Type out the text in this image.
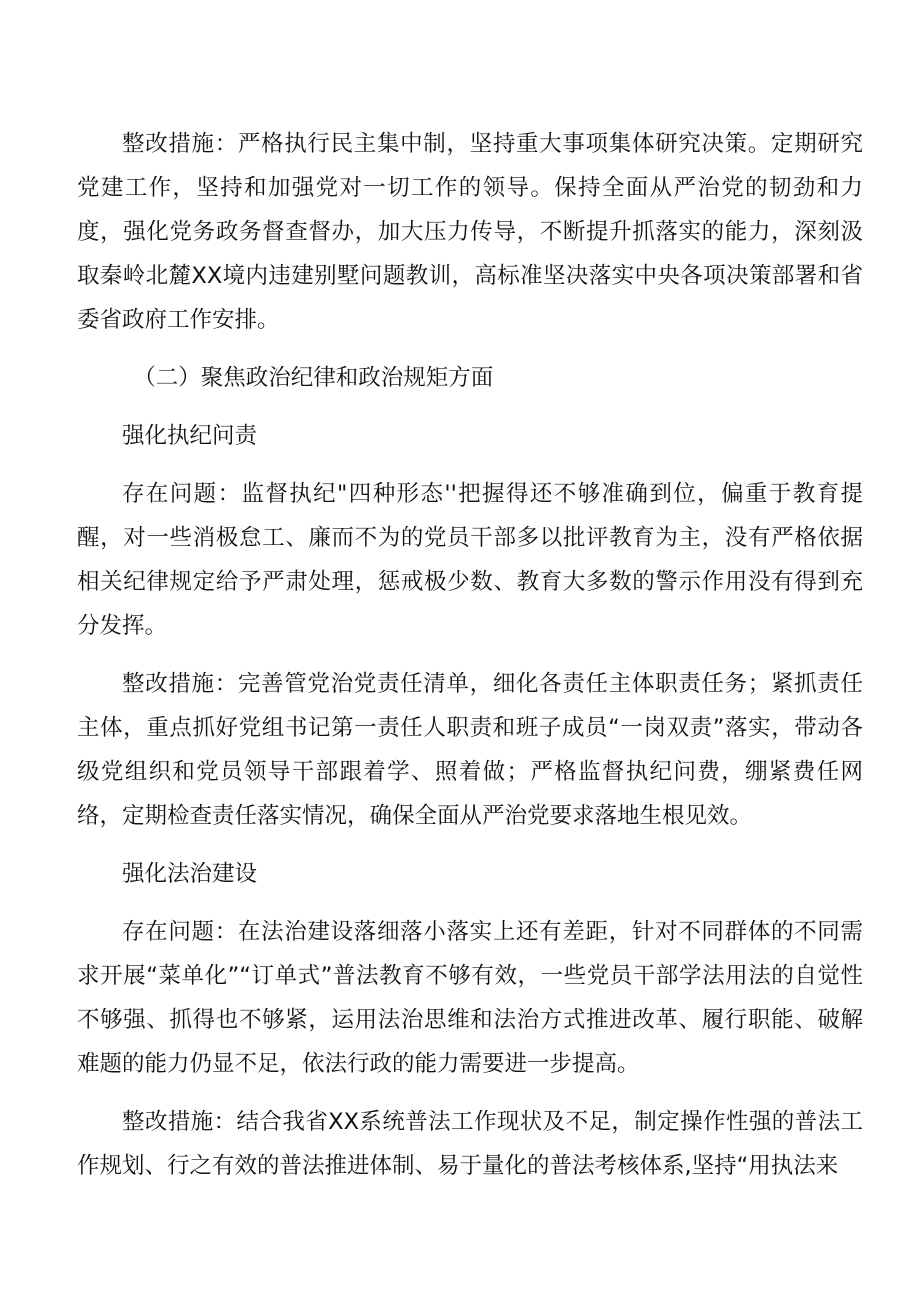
整改措施：严格执行民主集中制，坚持重大事项集体研究决策。定期研究党建工作，坚持和加强党对一切工作的领导。保持全面从严治党的韧劲和力度，强化党务政务督查督办，加大压力传导，不断提升抓落实的能力，深刻汲取秦岭北麓XX境内违建别墅问题教训，高标准坚决落实中央各项决策部署和省委省政府工作安排。

（二）聚焦政治纪律和政治规矩方面

强化执纪问责

存在问题：监督执纪"四种形态''把握得还不够准确到位，偏重于教育提醒，对一些消极怠工、廉而不为的党员干部多以批评教育为主，没有严格依据相关纪律规定给予严肃处理，惩戒极少数、教育大多数的警示作用没有得到充分发挥。

整改措施：完善管党治党责任清单，细化各责任主体职责任务；紧抓责任主体，重点抓好党组书记第一责任人职责和班子成员“一岗双责”落实，带动各级党组织和党员领导干部跟着学、照着做；严格监督执纪问费，绷紧费任网络，定期检查责任落实情况，确保全面从严治党要求落地生根见效。

强化法治建设

存在问题：在法治建设落细落小落实上还有差距，针对不同群体的不同需求开展“菜单化”“订单式”普法教育不够有效，一些党员干部学法用法的自觉性不够强、抓得也不够紧，运用法治思维和法治方式推进改革、履行职能、破解难题的能力仍显不足，依法行政的能力需要进一步提高。

整改措施：结合我省XX系统普法工作现状及不足，制定操作性强的普法工作规划、行之有效的普法推进体制、易于量化的普法考核体系,坚持“用执法来
